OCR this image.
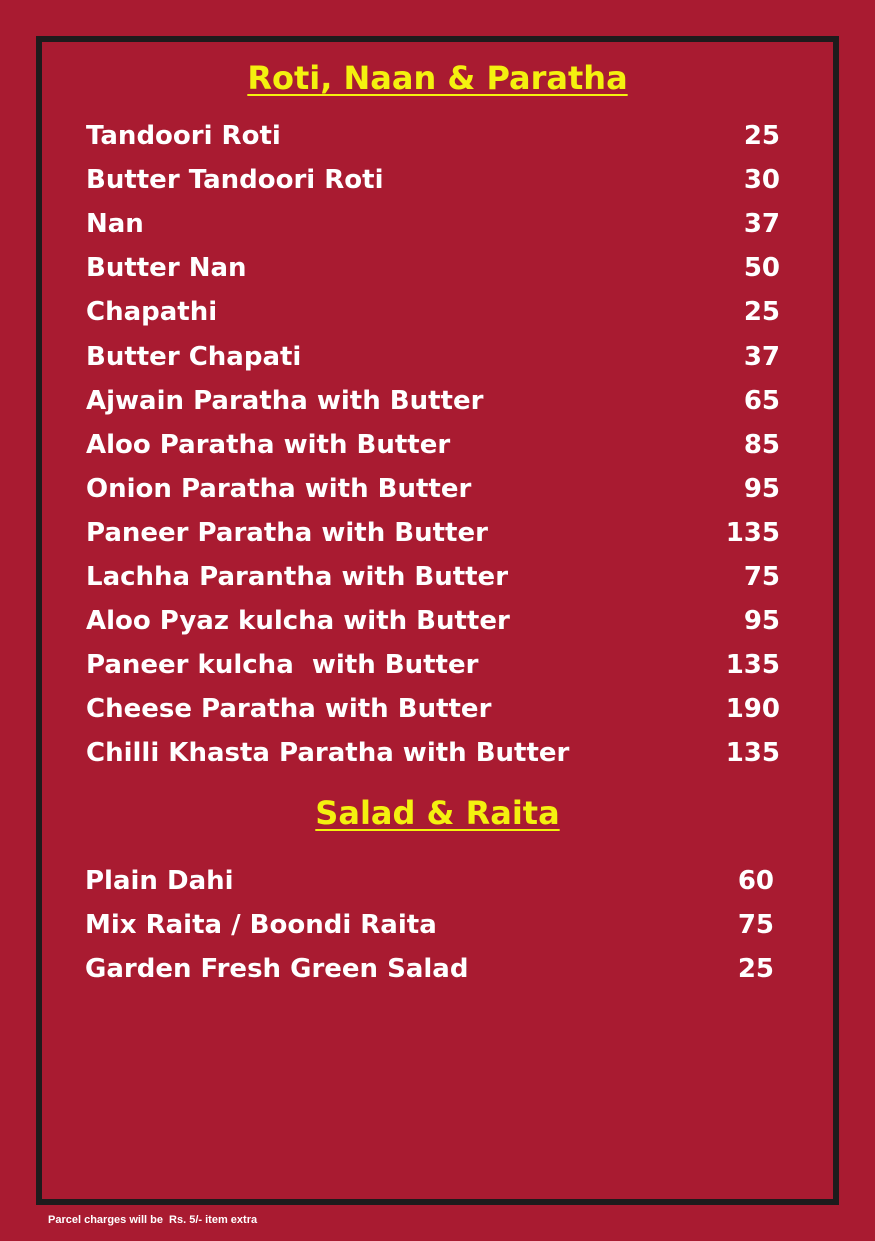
Roti, Naan & Paratha
Tandoori Roti	25
Butter Tandoori Roti	30
Nan	37
Butter Nan	50
Chapathi	25
Butter Chapati	37
Ajwain Paratha with Butter	65
Aloo Paratha with Butter	85
Onion Paratha with Butter	95
Paneer Paratha with Butter	135
Lachha Parantha with Butter	75
Aloo Pyaz kulcha with Butter	95
Paneer kulcha  with Butter	135
Cheese Paratha with Butter	190
Chilli Khasta Paratha with Butter	135
Salad & Raita
Plain Dahi	60
Mix Raita / Boondi Raita	75
Garden Fresh Green Salad	25
Parcel charges will be  Rs. 5/- item extra
